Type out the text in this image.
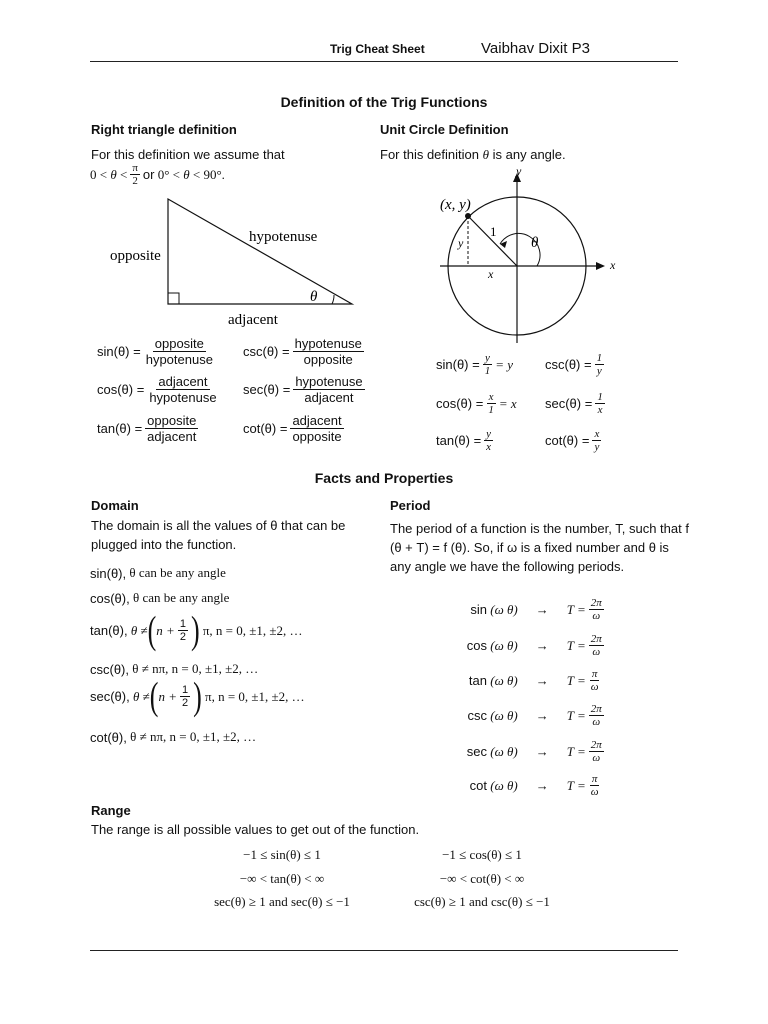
Trig Cheat Sheet	Vaibhav Dixit P3
Definition of the Trig Functions
Right triangle definition
For this definition we assume that
$0 < \theta < \frac{\pi}{2}$ or 0° < θ < 90°.
hypotenuse
opposite
adjacent
θ
$\sin(\theta) = \frac{\text{opposite}}{\text{hypotenuse}} \csc(\theta) = \frac{\text{hypotenuse}}{\text{opposite}}$
$\cos(\theta) = \frac{\text{adjacent}}{\text{hypotenuse}} \sec(\theta) = \frac{\text{hypotenuse}}{\text{adjacent}}$
$\tan(\theta) = \frac{\text{opposite}}{\text{adjacent}}$	$\cot(\theta) = \frac{\text{adjacent}}{\text{opposite}}$
Unit Circle Definition
For this definition θ is any angle.
(x, y)
x
y
1
θ
y
x
$\sin(\theta) = \frac{y}{1} = y$ $\csc(\theta) = \frac{1}{y}$
$\cos(\theta) = \frac{x}{1} = x$ $\sec(\theta) = \frac{1}{x}$
$\tan(\theta) = \frac{y}{x}$	$\cot(\theta) = \frac{x}{y}$
Facts and Properties
Domain
The domain is all the values of θ that can be plugged into the function.
sin(θ), θ can be any angle
cos(θ), θ can be any angle
tan(θ), θ ≠ ( $n + \frac{1}{2}$ ) π, n = 0, ±1, ±2, …
csc(θ), θ ≠ nπ, n = 0, ±1, ±2, …
sec(θ), θ ≠ ( $n + \frac{1}{2}$ ) π, n = 0, ±1, ±2, …
cot(θ), θ ≠ nπ, n = 0, ±1, ±2, …
Period
The period of a function is the number, T, such that f (θ + T) = f (θ). So, if ω is a fixed number and θ is any angle we have the following periods.
sin (ω $\theta) \to T = \frac{2\pi}{\omega}$
cos (ω $\theta) \to T = \frac{2\pi}{\omega}$
tan (ω $\theta) \to T = \frac{\pi}{\omega}$
csc (ω $\theta) \to T = \frac{2\pi}{\omega}$
sec (ω $\theta) \to T = \frac{2\pi}{\omega}$
cot (ω $\theta) \to T = \frac{\pi}{\omega}$
Range
The range is all possible values to get out of the function.
−1 ≤ sin(θ) ≤ 1	−1 ≤ cos(θ) ≤ 1
−∞ < tan(θ) < ∞	−∞ < cot(θ) < ∞
sec(θ) ≥ 1 and sec(θ) ≤ −1	csc(θ) ≥ 1 and csc(θ) ≤ −1
